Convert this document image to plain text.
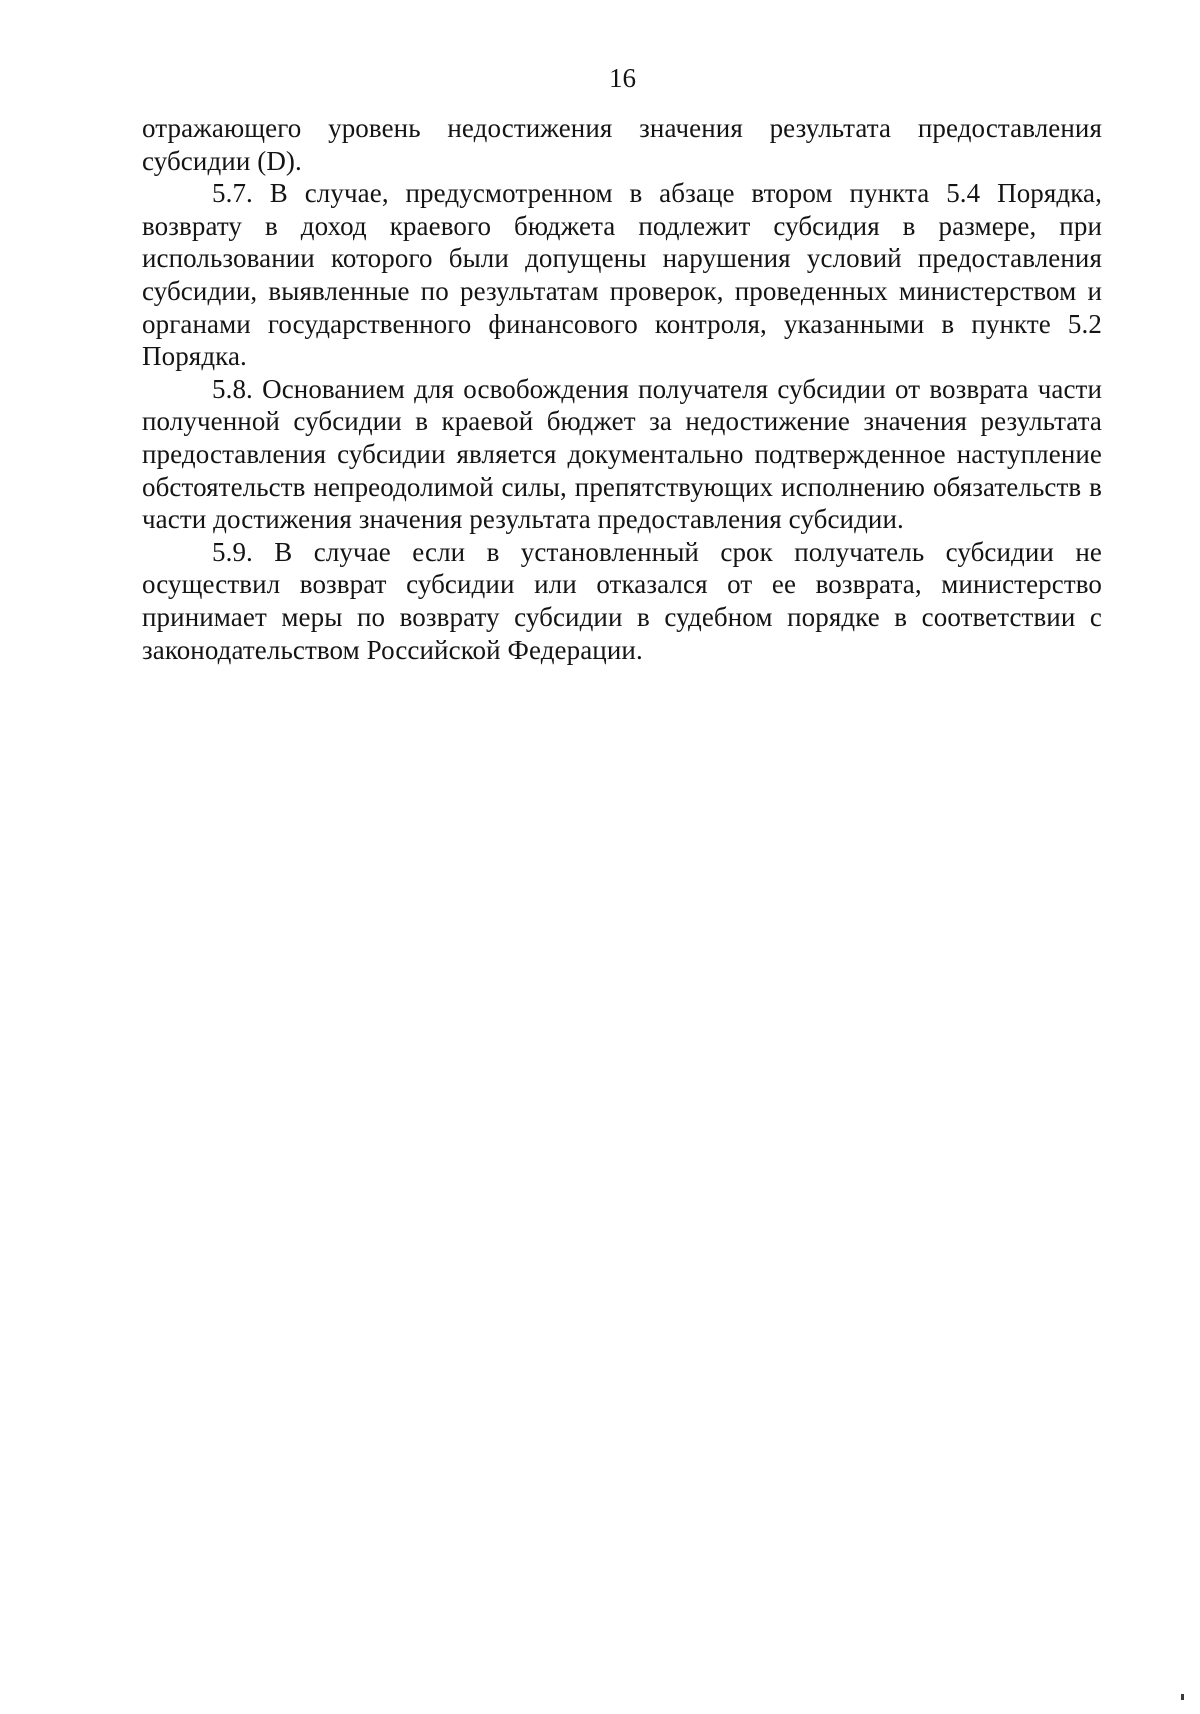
16

отражающего уровень недостижения значения результата предоставления субсидии (D).

5.7. В случае, предусмотренном в абзаце втором пункта 5.4 Порядка, возврату в доход краевого бюджета подлежит субсидия в размере, при использовании которого были допущены нарушения условий предоставления субсидии, выявленные по результатам проверок, проведенных министерством и органами государственного финансового контроля, указанными в пункте 5.2 Порядка.

5.8. Основанием для освобождения получателя субсидии от возврата части полученной субсидии в краевой бюджет за недостижение значения результата предоставления субсидии является документально подтвержденное наступление обстоятельств непреодолимой силы, препятствующих исполнению обязательств в части достижения значения результата предоставления субсидии.

5.9. В случае если в установленный срок получатель субсидии не осуществил возврат субсидии или отказался от ее возврата, министерство принимает меры по возврату субсидии в судебном порядке в соответствии с законодательством Российской Федерации.
